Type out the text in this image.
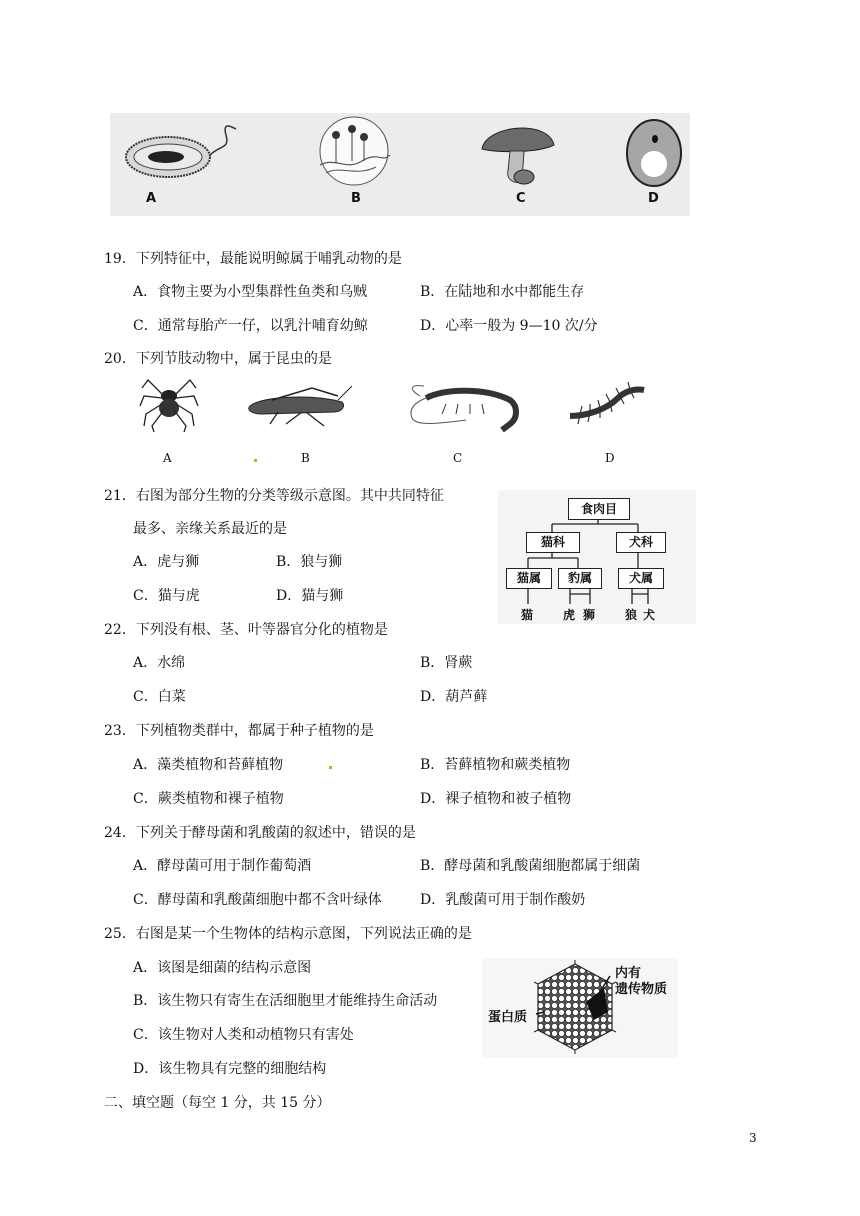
A	B	C	D
19．下列特征中，最能说明鲸属于哺乳动物的是
A．食物主要为小型集群性鱼类和乌贼	B．在陆地和水中都能生存
C．通常每胎产一仔，以乳汁哺育幼鲸	D．心率一般为 9—10 次/分
20．下列节肢动物中，属于昆虫的是
A	B	C	D
21．右图为部分生物的分类等级示意图。其中共同特征
最多、亲缘关系最近的是
A．虎与狮	B．狼与狮
C．猫与虎	D．猫与狮
食肉目
猫科	犬科
猫属	豹属	犬属
猫 虎 狮 狼 犬
22．下列没有根、茎、叶等器官分化的植物是
A．水绵	B．肾蕨
C．白菜	D．葫芦藓
23．下列植物类群中，都属于种子植物的是
A．藻类植物和苔藓植物	B．苔藓植物和蕨类植物
C．蕨类植物和裸子植物	D．裸子植物和被子植物
24．下列关于酵母菌和乳酸菌的叙述中，错误的是
A．酵母菌可用于制作葡萄酒	B．酵母菌和乳酸菌细胞都属于细菌
C．酵母菌和乳酸菌细胞中都不含叶绿体	D．乳酸菌可用于制作酸奶
25．右图是某一个生物体的结构示意图，下列说法正确的是
A．该图是细菌的结构示意图
B．该生物只有寄生在活细胞里才能维持生命活动
C．该生物对人类和动植物只有害处
D．该生物具有完整的细胞结构
内有
遗传物质
蛋白质
二、填空题（每空 1 分，共 15 分）
3
